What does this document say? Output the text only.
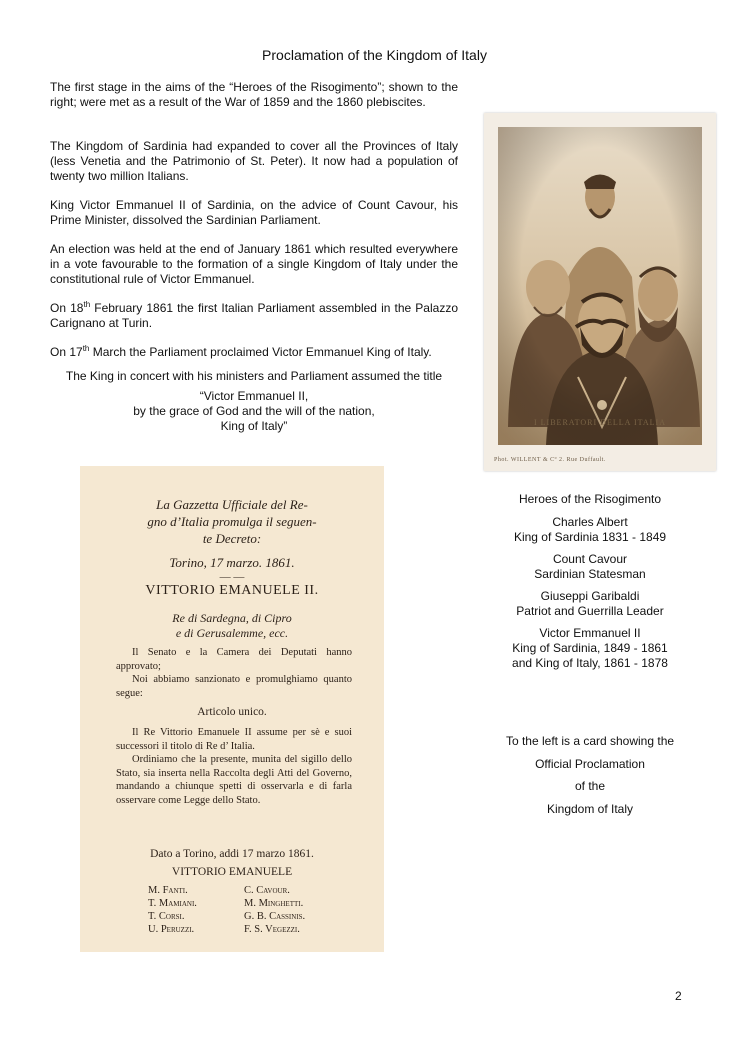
Proclamation of the Kingdom of Italy

The first stage in the aims of the “Heroes of the Risogimento”; shown to the right; were met as a result of the War of 1859 and the 1860 plebiscites.

The Kingdom of Sardinia had expanded to cover all the Provinces of Italy (less Venetia and the Patrimonio of St. Peter). It now had a population of twenty two million Italians.

King Victor Emmanuel II of Sardinia, on the advice of Count Cavour, his Prime Minister, dissolved the Sardinian Parliament.

An election was held at the end of January 1861 which resulted everywhere in a vote favourable to the formation of a single Kingdom of Italy under the constitutional rule of Victor Emmanuel.

On 18th February 1861 the first Italian Parliament assembled in the Palazzo Carignano at Turin.

On 17th March the Parliament proclaimed Victor Emmanuel King of Italy.

The King in concert with his ministers and Parliament assumed the title

“Victor Emmanuel II,
by the grace of God and the will of the nation,
King of Italy”	I LIBERATORI DELLA ITALIA
Phot. WILLENT & Cº 2. Rue Duffault.
Heroes of the Risogimento
Charles Albert
King of Sardinia 1831 - 1849
Count Cavour
Sardinian Statesman
Giuseppi Garibaldi
Patriot and Guerrilla Leader
Victor Emmanuel II
King of Sardinia, 1849 - 1861
and King of Italy, 1861 - 1878
To the left is a card showing the
Official Proclamation
of the
Kingdom of Italy
La Gazzetta Ufficiale del Re-
gno d’Italia promulga il seguen-
te Decreto:
Torino, 17 marzo. 1861.
— —
VITTORIO EMANUELE II.
Re di Sardegna, di Cipro
e di Gerusalemme, ecc.

Il Senato e la Camera dei Deputati hanno approvato;

Noi abbiamo sanzionato e promulghiamo quanto segue:

Articolo unico.

Il Re Vittorio Emanuele II assume per sè e suoi successori il titolo di Re d’ Italia.

Ordiniamo che la presente, munita del sigillo dello Stato, sia inserta nella Raccolta degli Atti del Governo, mandando a chiunque spetti di osservarla e di farla osservare come Legge dello Stato.

Dato a Torino, addi 17 marzo 1861.
VITTORIO EMANUELE
M. Fanti.	C. Cavour.
T. Mamiani.	M. Minghetti.
T. Corsi.	G. B. Cassinis.
U. Peruzzi.	F. S. Vegezzi.
2
